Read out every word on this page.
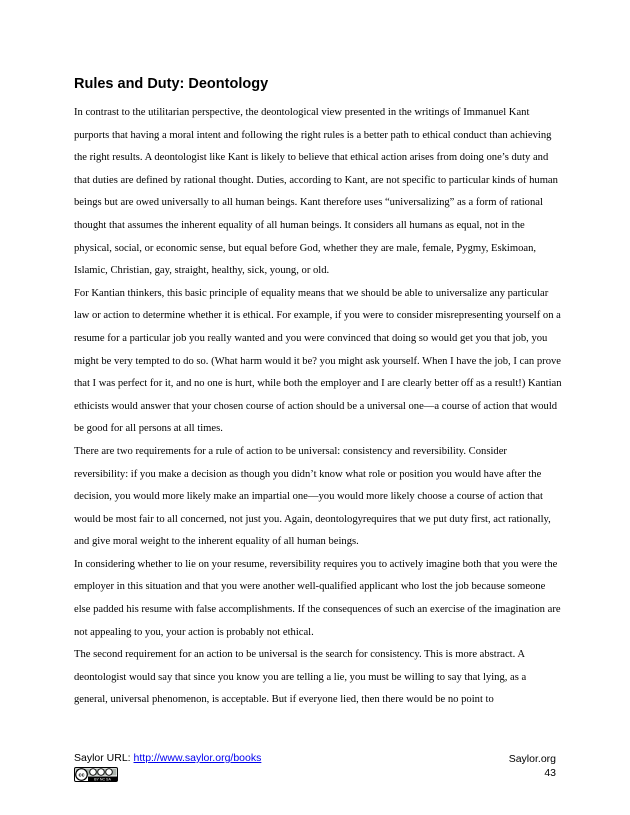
Rules and Duty: Deontology

In contrast to the utilitarian perspective, the deontological view presented in the writings of Immanuel Kant purports that having a moral intent and following the right rules is a better path to ethical conduct than achieving the right results. A deontologist like Kant is likely to believe that ethical action arises from doing one’s duty and that duties are defined by rational thought. Duties, according to Kant, are not specific to particular kinds of human beings but are owed universally to all human beings. Kant therefore uses “universalizing” as a form of rational thought that assumes the inherent equality of all human beings. It considers all humans as equal, not in the physical, social, or economic sense, but equal before God, whether they are male, female, Pygmy, Eskimoan, Islamic, Christian, gay, straight, healthy, sick, young, or old.

For Kantian thinkers, this basic principle of equality means that we should be able to universalize any particular law or action to determine whether it is ethical. For example, if you were to consider misrepresenting yourself on a resume for a particular job you really wanted and you were convinced that doing so would get you that job, you might be very tempted to do so. (What harm would it be? you might ask yourself. When I have the job, I can prove that I was perfect for it, and no one is hurt, while both the employer and I are clearly better off as a result!) Kantian ethicists would answer that your chosen course of action should be a universal one—a course of action that would be good for all persons at all times.

There are two requirements for a rule of action to be universal: consistency and reversibility. Consider reversibility: if you make a decision as though you didn’t know what role or position you would have after the decision, you would more likely make an impartial one—you would more likely choose a course of action that would be most fair to all concerned, not just you. Again, deontologyrequires that we put duty first, act rationally, and give moral weight to the inherent equality of all human beings.

In considering whether to lie on your resume, reversibility requires you to actively imagine both that you were the employer in this situation and that you were another well-qualified applicant who lost the job because someone else padded his resume with false accomplishments. If the consequences of such an exercise of the imagination are not appealing to you, your action is probably not ethical.

The second requirement for an action to be universal is the search for consistency. This is more abstract. A deontologist would say that since you know you are telling a lie, you must be willing to say that lying, as a general, universal phenomenon, is acceptable. But if everyone lied, then there would be no point to

Saylor URL: http://www.saylor.org/books
cc
BY NC SA
Saylor.org
43
